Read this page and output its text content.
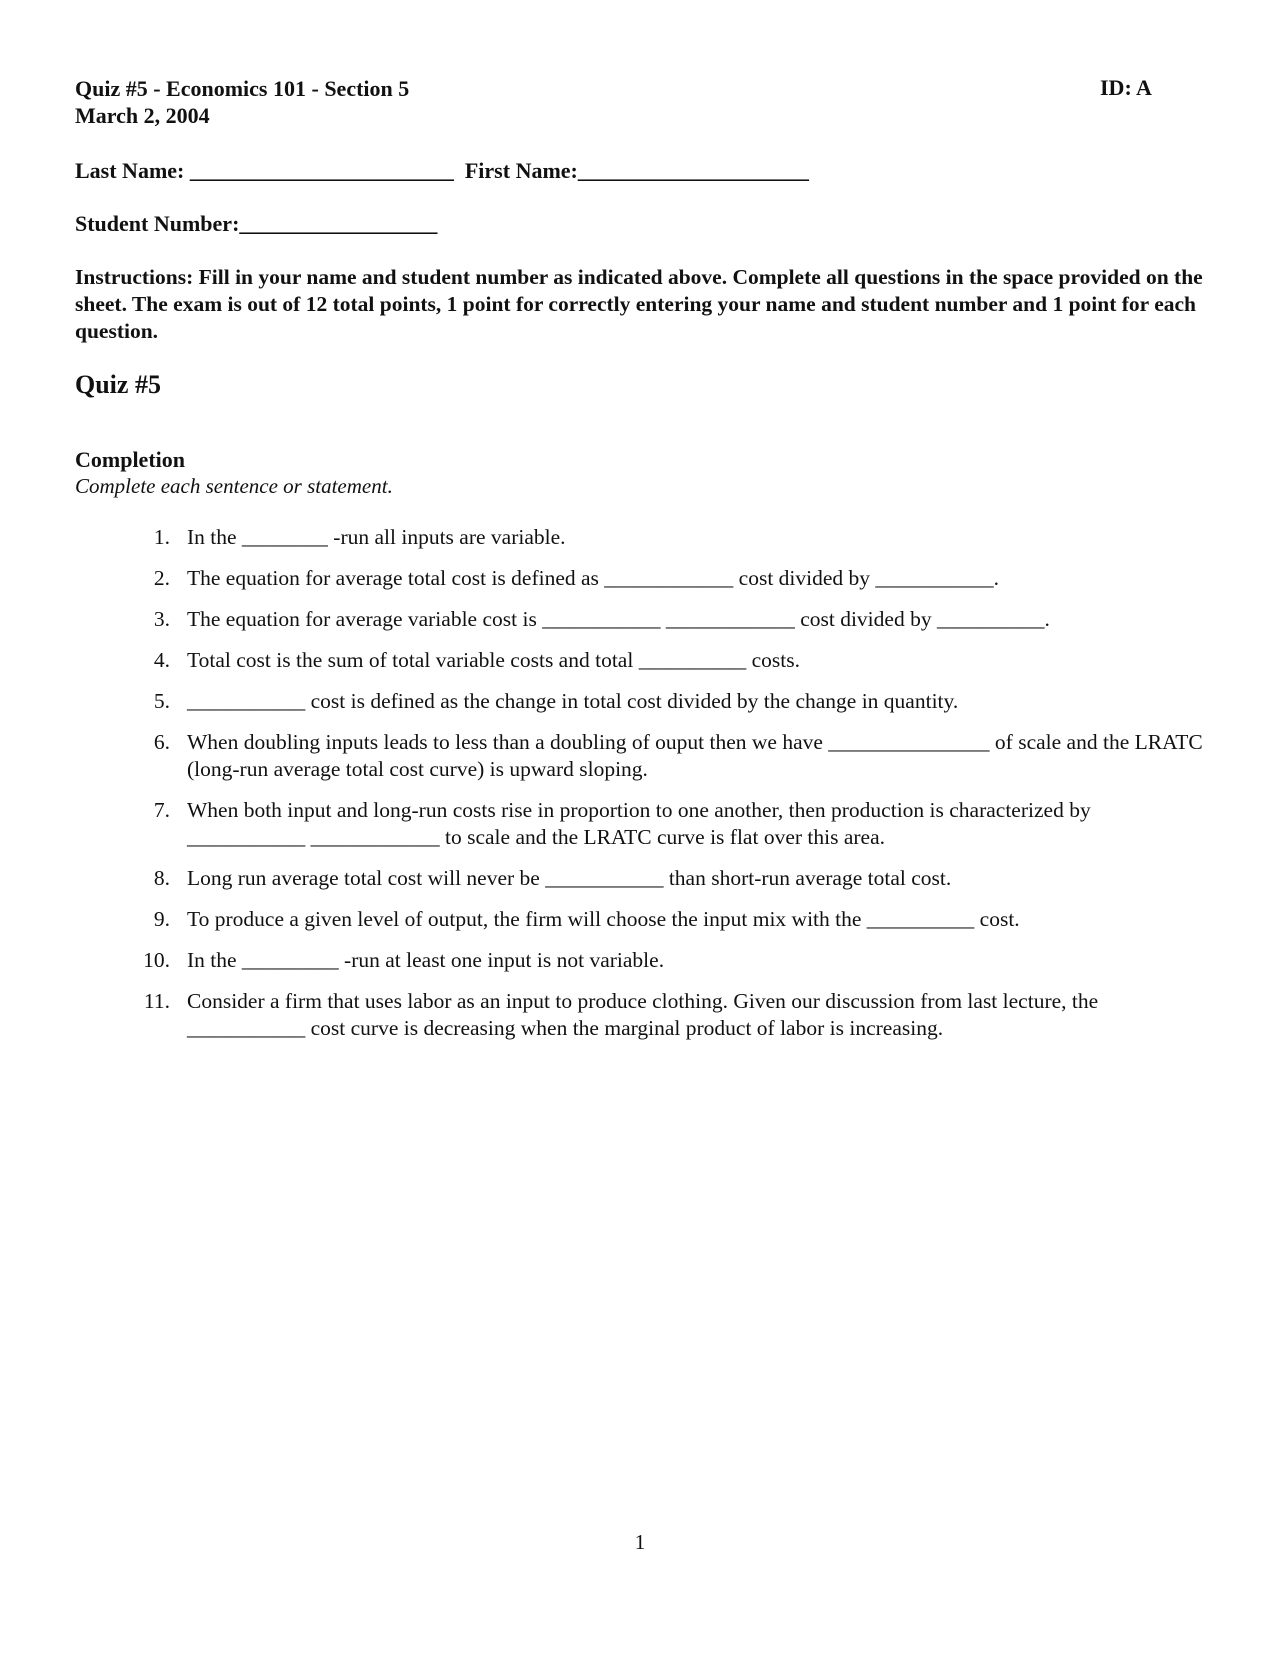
Quiz #5 - Economics 101 - Section 5
March 2, 2004
ID: A
Last Name: ________________________  First Name:_____________________
Student Number:__________________
Instructions: Fill in your name and student number as indicated above. Complete all questions in the space provided on the sheet. The exam is out of 12 total points, 1 point for correctly entering your name and student number and 1 point for each question.
Quiz #5
Completion
Complete each sentence or statement.
1. In the ________ -run all inputs are variable.
2. The equation for average total cost is defined as ____________ cost divided by ___________.
3. The equation for average variable cost is ___________ ____________ cost divided by __________.
4. Total cost is the sum of total variable costs and total __________ costs.
5. ___________ cost is defined as the change in total cost divided by the change in quantity.
6. When doubling inputs leads to less than a doubling of ouput then we have _______________ of scale and the LRATC (long-run average total cost curve) is upward sloping.
7. When both input and long-run costs rise in proportion to one another, then production is characterized by ___________ ____________ to scale and the LRATC curve is flat over this area.
8. Long run average total cost will never be ___________ than short-run average total cost.
9. To produce a given level of output, the firm will choose the input mix with the __________ cost.
10. In the _________ -run at least one input is not variable.
11. Consider a firm that uses labor as an input to produce clothing. Given our discussion from last lecture, the ___________ cost curve is decreasing when the marginal product of labor is increasing.
1
